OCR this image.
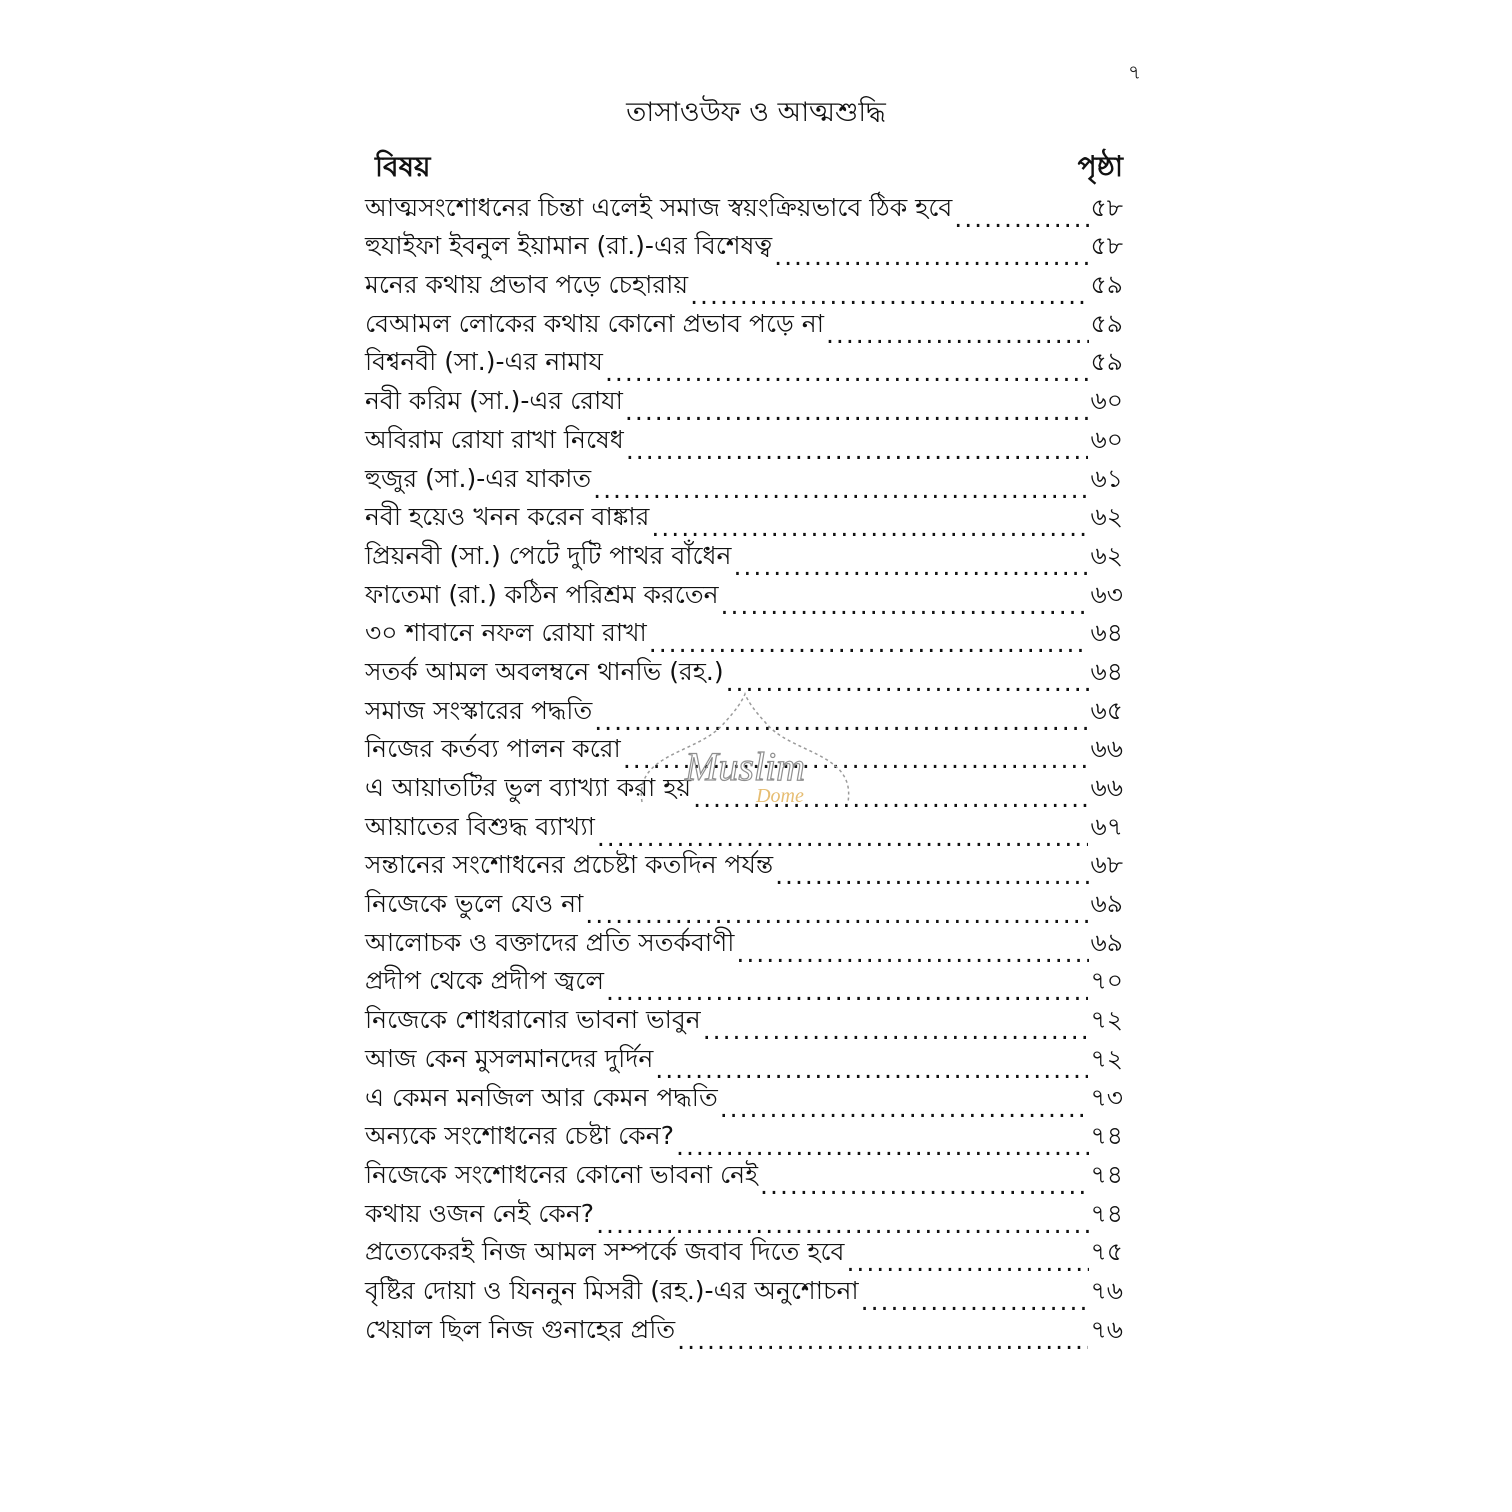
৭
তাসাওউফ ও আত্মশুদ্ধি
বিষয়	পৃষ্ঠা
আত্মসংশোধনের চিন্তা এলেই সমাজ স্বয়ংক্রিয়ভাবে ঠিক হবে .....	৫৮
হুযাইফা ইবনুল ইয়ামান (রা.)-এর বিশেষত্ব .....	৫৮
মনের কথায় প্রভাব পড়ে চেহারায় .....	৫৯
বেআমল লোকের কথায় কোনো প্রভাব পড়ে না .....	৫৯
বিশ্বনবী (সা.)-এর নামায .....	৫৯
নবী করিম (সা.)-এর রোযা .....	৬০
অবিরাম রোযা রাখা নিষেধ .....	৬০
হুজুর (সা.)-এর যাকাত .....	৬১
নবী হয়েও খনন করেন বাঙ্কার .....	৬২
প্রিয়নবী (সা.) পেটে দুটি পাথর বাঁধেন .....	৬২
ফাতেমা (রা.) কঠিন পরিশ্রম করতেন .....	৬৩
৩০ শাবানে নফল রোযা রাখা .....	৬৪
সতর্ক আমল অবলম্বনে থানভি (রহ.) .....	৬৪
সমাজ সংস্কারের পদ্ধতি .....	৬৫
নিজের কর্তব্য পালন করো .....	৬৬
এ আয়াতটির ভুল ব্যাখ্যা করা হয় .....	৬৬
আয়াতের বিশুদ্ধ ব্যাখ্যা .....	৬৭
সন্তানের সংশোধনের প্রচেষ্টা কতদিন পর্যন্ত .....	৬৮
নিজেকে ভুলে যেও না .....	৬৯
আলোচক ও বক্তাদের প্রতি সতর্কবাণী .....	৬৯
প্রদীপ থেকে প্রদীপ জ্বলে .....	৭০
নিজেকে শোধরানোর ভাবনা ভাবুন .....	৭২
আজ কেন মুসলমানদের দুর্দিন .....	৭২
এ কেমন মনজিল আর কেমন পদ্ধতি .....	৭৩
অন্যকে সংশোধনের চেষ্টা কেন? .....	৭৪
নিজেকে সংশোধনের কোনো ভাবনা নেই .....	৭৪
কথায় ওজন নেই কেন? .....	৭৪
প্রত্যেকেরই নিজ আমল সম্পর্কে জবাব দিতে হবে .....	৭৫
বৃষ্টির দোয়া ও যিননুন মিসরী (রহ.)-এর অনুশোচনা .....	৭৬
খেয়াল ছিল নিজ গুনাহের প্রতি .....	৭৬
Muslim
Dome
